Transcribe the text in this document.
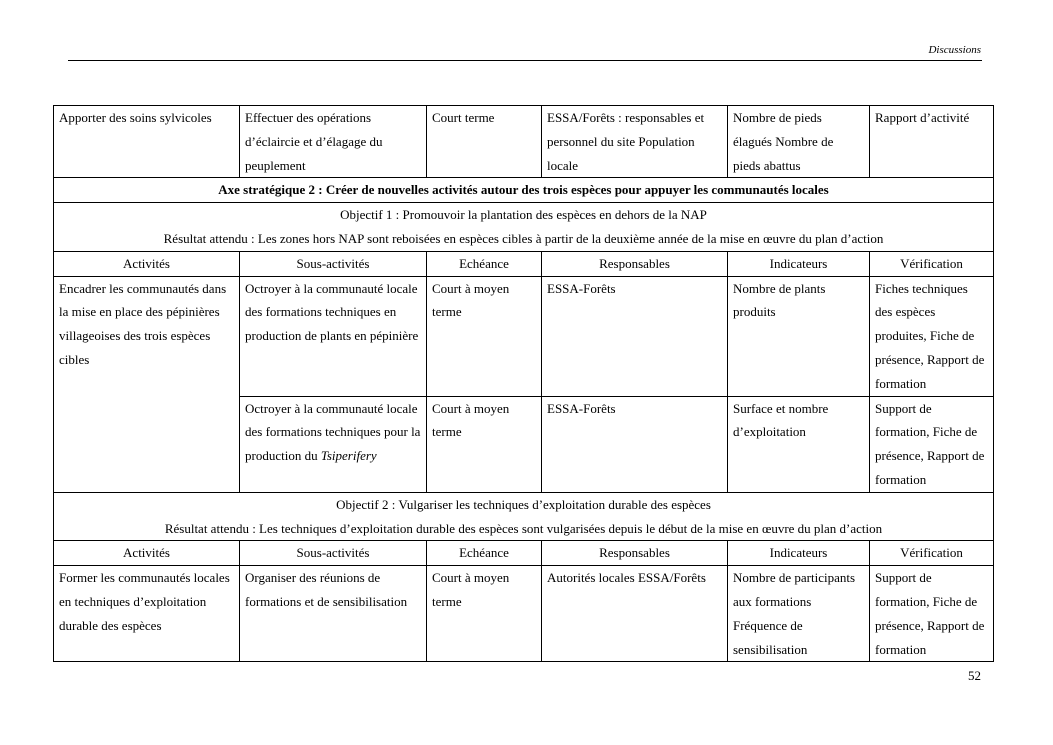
Discussions
Apporter des soins sylvicoles	Effectuer des opérations d’éclaircie et d’élagage du peuplement	Court terme	ESSA/Forêts : responsables et personnel du site Population locale	Nombre de pieds élagués Nombre de pieds abattus	Rapport d’activité
Axe stratégique 2 : Créer de nouvelles activités autour des trois espèces pour appuyer les communautés locales					

Objectif 1 : Promouvoir la plantation des espèces en dehors de la NAP
Résultat attendu : Les zones hors NAP sont reboisées en espèces cibles à partir de la deuxième année de la mise en œuvre du plan d’action					

Activités	Sous-activités	Echéance	Responsables	Indicateurs	Vérification
Encadrer les communautés dans la mise en place des pépinières villageoises des trois espèces cibles	Octroyer à la communauté locale des formations techniques en production de plants en pépinière	Court à moyen terme	ESSA-Forêts	Nombre de plants produits	Fiches techniques des espèces produites, Fiche de présence, Rapport de formation
	Octroyer à la communauté locale des formations techniques pour la production du Tsiperifery	Court à moyen terme	ESSA-Forêts	Surface et nombre d’exploitation	Support de formation, Fiche de présence, Rapport de formation

Objectif 2 : Vulgariser les techniques d’exploitation durable des espèces
Résultat attendu : Les techniques d’exploitation durable des espèces sont vulgarisées depuis le début de la mise en œuvre du plan d’action					

Activités	Sous-activités	Echéance	Responsables	Indicateurs	Vérification
Former les communautés locales en techniques d’exploitation durable des espèces	Organiser des réunions de formations et de sensibilisation	Court à moyen terme	Autorités locales ESSA/Forêts	Nombre de participants aux formations Fréquence de sensibilisation	Support de formation, Fiche de présence, Rapport de formation
52
